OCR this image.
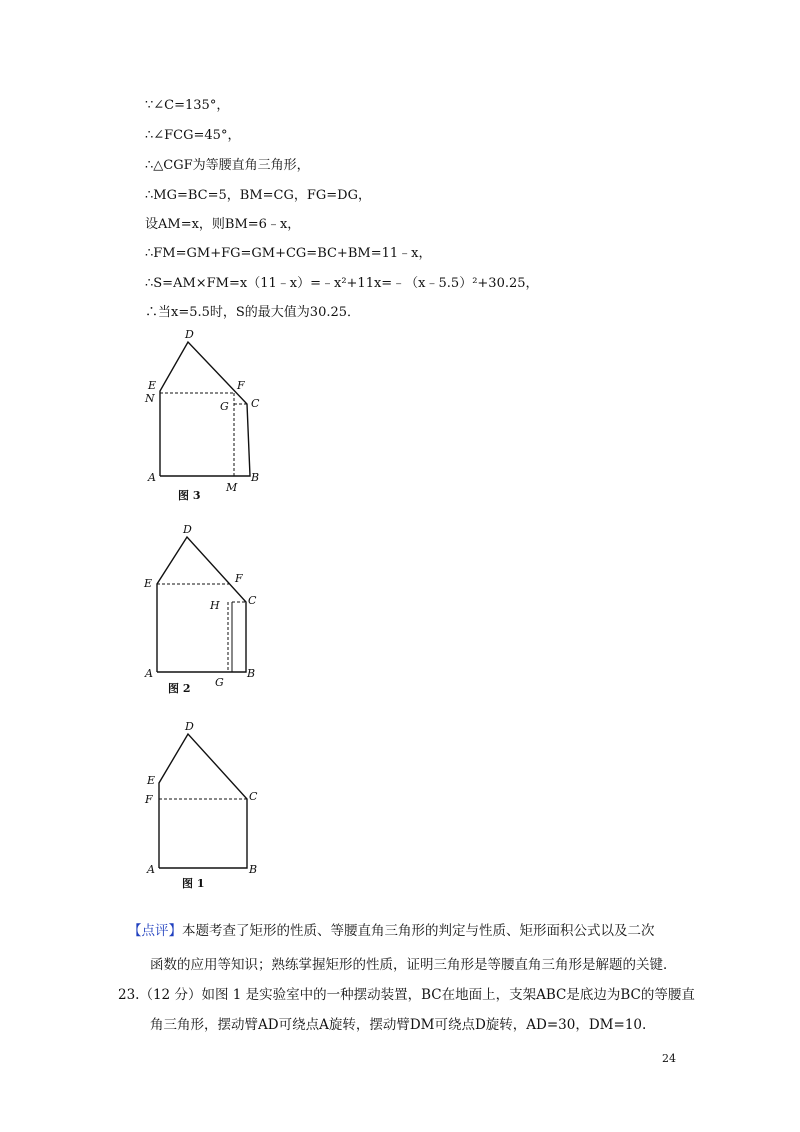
∵∠C=135°，
∴∠FCG=45°，
∴△CGF为等腰直角三角形，
∴MG=BC=5，BM=CG，FG=DG，
设AM=x，则BM=6﹣x，
∴FM=GM+FG=GM+CG=BC+BM=11﹣x，
∴S=AM×FM=x（11﹣x）=﹣x²+11x=﹣（x﹣5.5）²+30.25，
∴当x=5.5时，S的最大值为30.25．
D
E
N
F
G C
A
M
B
图 3
D
E	F
H	C
A
G
B
图 2
D
E
F	C
A	B
图 1
【点评】本题考查了矩形的性质、等腰直角三角形的判定与性质、矩形面积公式以及二次
函数的应用等知识；熟练掌握矩形的性质，证明三角形是等腰直角三角形是解题的关键．
23.（12 分）如图 1 是实验室中的一种摆动装置，BC在地面上，支架ABC是底边为BC的等腰直
角三角形，摆动臂AD可绕点A旋转，摆动臂DM可绕点D旋转，AD=30，DM=10.
24
